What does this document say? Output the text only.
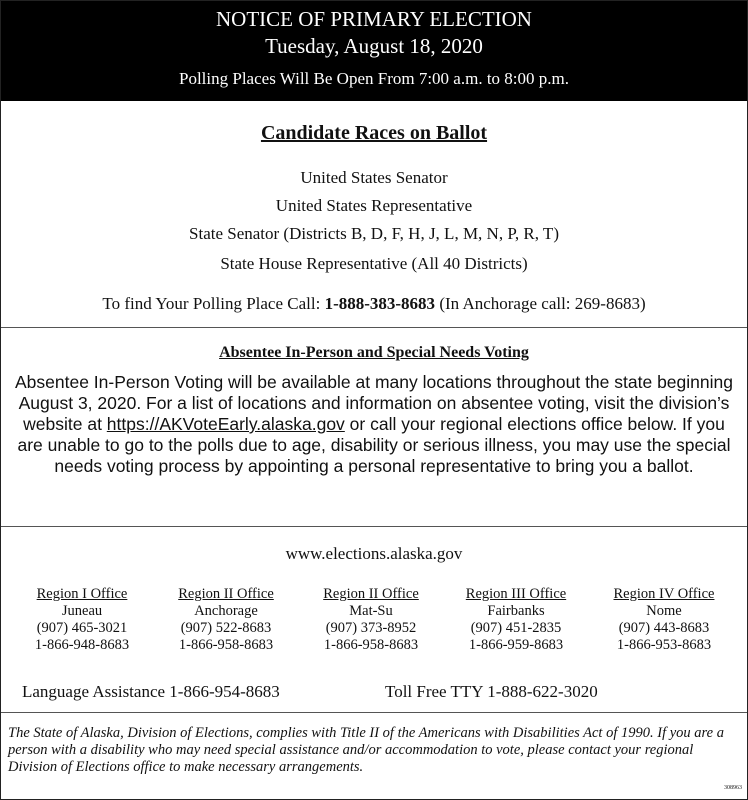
NOTICE OF PRIMARY ELECTION
Tuesday, August 18, 2020
Polling Places Will Be Open From 7:00 a.m. to 8:00 p.m.
Candidate Races on Ballot
United States Senator
United States Representative
State Senator (Districts B, D, F, H, J, L, M, N, P, R, T)
State House Representative (All 40 Districts)
To find Your Polling Place Call: 1-888-383-8683 (In Anchorage call: 269-8683)
Absentee In-Person and Special Needs Voting
Absentee In-Person Voting will be available at many locations throughout the state beginning August 3, 2020. For a list of locations and information on absentee voting, visit the division’s website at https://AKVoteEarly.alaska.gov or call your regional elections office below. If you are unable to go to the polls due to age, disability or serious illness, you may use the special needs voting process by appointing a personal representative to bring you a ballot.
www.elections.alaska.gov
Region I Office
Juneau
(907) 465-3021
1-866-948-8683
Region II Office
Anchorage
(907) 522-8683
1-866-958-8683
Region II Office
Mat-Su
(907) 373-8952
1-866-958-8683
Region III Office
Fairbanks
(907) 451-2835
1-866-959-8683
Region IV Office
Nome
(907) 443-8683
1-866-953-8683
Language Assistance 1-866-954-8683	Toll Free TTY 1-888-622-3020
The State of Alaska, Division of Elections, complies with Title II of the Americans with Disabilities Act of 1990. If you are a person with a disability who may need special assistance and/or accommodation to vote, please contact your regional Division of Elections office to make necessary arrangements.
308963
